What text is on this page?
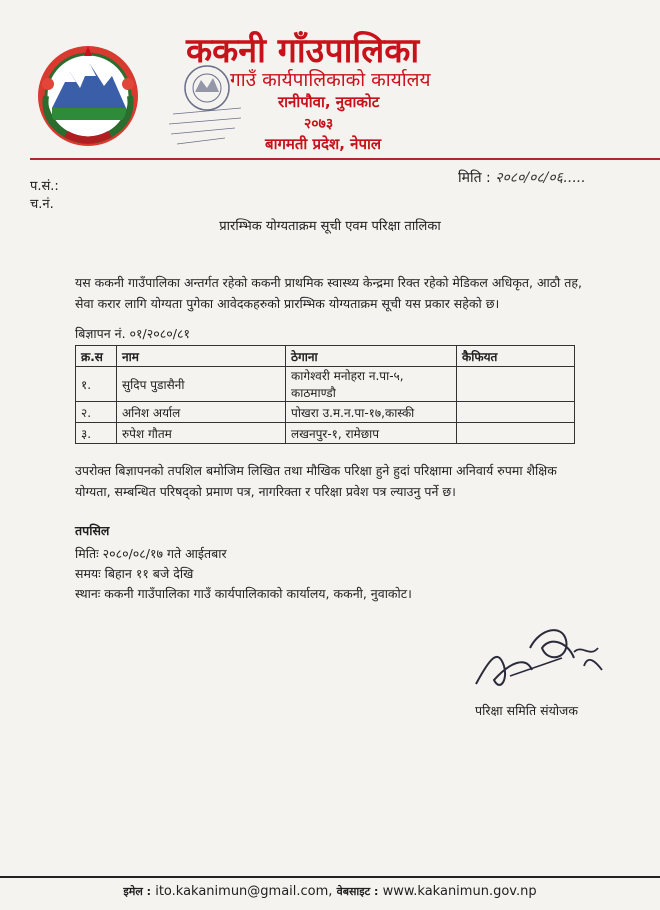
ककनी गाँउपालिका
गाउँ कार्यपालिकाको कार्यालय
रानीपौवा, नुवाकोट
२०७३
बागमती प्रदेश, नेपाल
प.सं.:
च.नं.
मिति : २०८०/०८/०६.....
प्रारम्भिक योग्यताक्रम सूची एवम परिक्षा तालिका
यस ककनी गाउँपालिका अन्तर्गत रहेको ककनी प्राथमिक स्वास्थ्य केन्द्रमा रिक्त रहेको मेडिकल अधिकृत, आठौ तह, सेवा करार लागि योग्यता पुगेका आवेदकहरुको प्रारम्भिक योग्यताक्रम सूची यस प्रकार सहेको छ।
बिज्ञापन नं. ०१/२०८०/८१
क्र.स	नाम	ठेगाना	कैफियत
१.	सुदिप पुडासैनी	कागेश्वरी मनोहरा न.पा-५, काठमाण्डौ	
२.	अनिश अर्याल	पोखरा उ.म.न.पा-१७,कास्की	
३.	रुपेश गौतम	लखनपुर-१, रामेछाप	
उपरोक्त बिज्ञापनको तपशिल बमोजिम लिखित तथा मौखिक परिक्षा हुने हुदां परिक्षामा अनिवार्य रुपमा शैक्षिक योग्यता, सम्बन्धित परिषद्को प्रमाण पत्र, नागरिक्ता र परिक्षा प्रवेश पत्र ल्याउनु पर्ने छ।
तपसिल
मितिः २०८०/०८/१७ गते आईतबार
समयः बिहान ११ बजे देखि
स्थानः ककनी गाउँपालिका गाउँ कार्यपालिकाको कार्यालय, ककनी, नुवाकोट।
परिक्षा समिति संयोजक
इमेल : ito.kakanimun@gmail.com, वेबसाइट : www.kakanimun.gov.np
